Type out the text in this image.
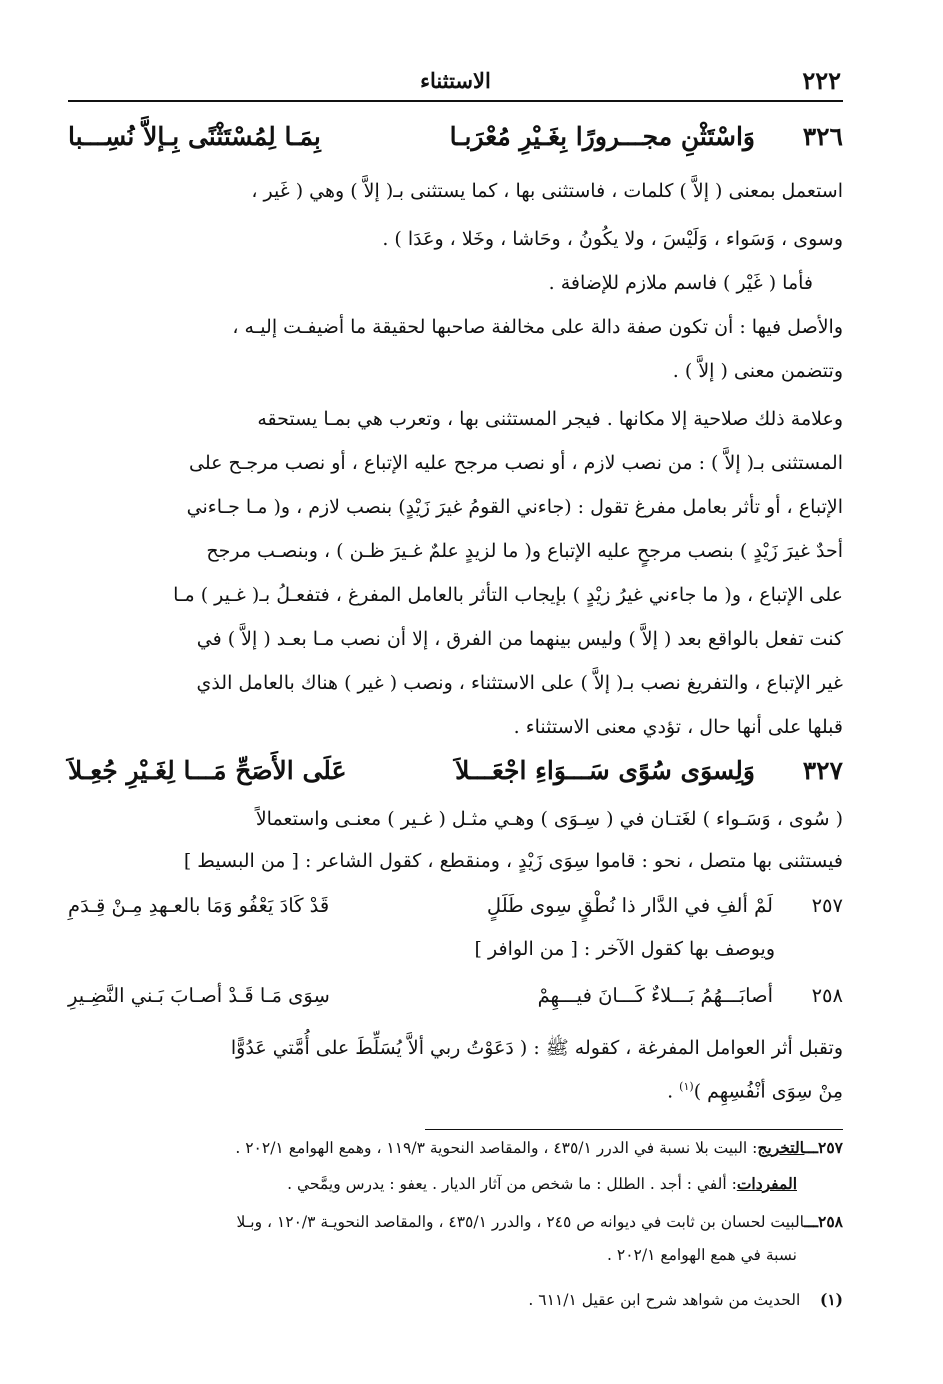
٢٢٢
الاستثناء
٣٢٦
وَاسْتَثْنِ مجـــرورًا بِغَـيْرِ مُعْرَبـا
بِمَـا لِمُسْتَثْنًى بِـإلاَّ نُسِـــبا
استعمل بمعنى ( إلاَّ ) كلمات ، فاستثنى بها ، كما يستثنى بـ( إلاَّ ) وهي ( غَير ،
وسوى ، وَسَواء ، وَلَيْسَ ، ولا يكُونُ ، وحَاشا ، وخَلا ، وعَدَا ) .
فأما ( غَيْر ) فاسم ملازم للإضافة .
والأصل فيها : أن تكون صفة دالة على مخالفة صاحبها لحقيقة ما أضيفـت إليـه ،
وتتضمن معنى ( إلاَّ ) .
وعلامة ذلك صلاحية إلا مكانها . فيجر المستثنى بها ، وتعرب هي بمـا يستحقه
المستثنى بـ( إلاَّ ) : من نصب لازم ، أو نصب مرجح عليه الإتباع ، أو نصب مرجـح على
الإتباع ، أو تأثر بعامل مفرغ تقول : (جاءني القومُ غيرَ زَيْدٍ) بنصب لازم ، و( مـا جـاءني
أحدٌ غيرَ زَيْدٍ ) بنصب مرجحٍ عليه الإتباع و( ما لزيدٍ علمٌ غـيرَ ظـن ) ، وبنصـب مرجح
على الإتباع ، و( ما جاءني غيرُ زيْدٍ ) بإيجاب التأثر بالعامل المفرغ ، فتفعـلُ بـ( غـير ) مـا
كنت تفعل بالواقع بعد ( إلاَّ ) وليس بينهما من الفرق ، إلا أن نصب مـا بعـد ( إلاَّ ) في
غير الإتباع ، والتفريغ نصب بـ( إلاَّ ) على الاستثناء ، ونصب ( غير ) هناك بالعامل الذي
قبلها على أنها حال ، تؤدي معنى الاستثناء .
٣٢٧
وَلِسوَى سُوًى سَـــوَاءِ اجْعَـــلاَ
عَلَى الأَصَحِّ مَـــا لِغَـيْرِ جُعِـلاَ
( سُوى ، وَسَـواء ) لغَتـان في ( سِـوَى ) وهـي مثـل ( غـير ) معنـى واستعمالاً
فيستثنى بها متصل ، نحو : قاموا سِوَى زَيْدٍ ، ومنقطع ، كقول الشاعر : [ من البسيط ]
٢٥٧
لَمْ ألفِ في الدَّار ذا نُطْقٍ سِوى طَلَلٍ
قَدْ كَادَ يَعْفُو وَمَا بالعـهدِ مِـنْ قِـدَمِ
ويوصف بها كقول الآخر : [ من الوافر ]
٢٥٨
أصابَـــهُمُ بَـــلاءٌ كَـــانَ فيـــهِمْ
سِوَى مَـا قَـدْ أصـابَ بَـني النَّضِـيرِ
وتقبل أثر العوامل المفرغة ، كقوله ﷺ : ( دَعَوْتُ ربي ألاَّ يُسَلِّطَ على أُمَّتي عَدُوًّا
مِنْ سِوَى أنْفُسِهِم )$^{(١)}$ .
٢٥٧ـــالتخريج: البيت بلا نسبة في الدرر ٤٣٥/١ ، والمقاصد النحوية ١١٩/٣ ، وهمع الهوامع ٢٠٢/١ .
المفردات: ألفي : أجد . الطلل : ما شخص من آثار الديار . يعفو : يدرس ويمَّحي .
٢٥٨ـــالبيت لحسان بن ثابت في ديوانه ص ٢٤٥ ، والدرر ٤٣٥/١ ، والمقاصد النحويـة ١٢٠/٣ ، وبـلا
نسبة في همع الهوامع ٢٠٢/١ .
(١)    الحديث من شواهد شرح ابن عقيل ٦١١/١ .
